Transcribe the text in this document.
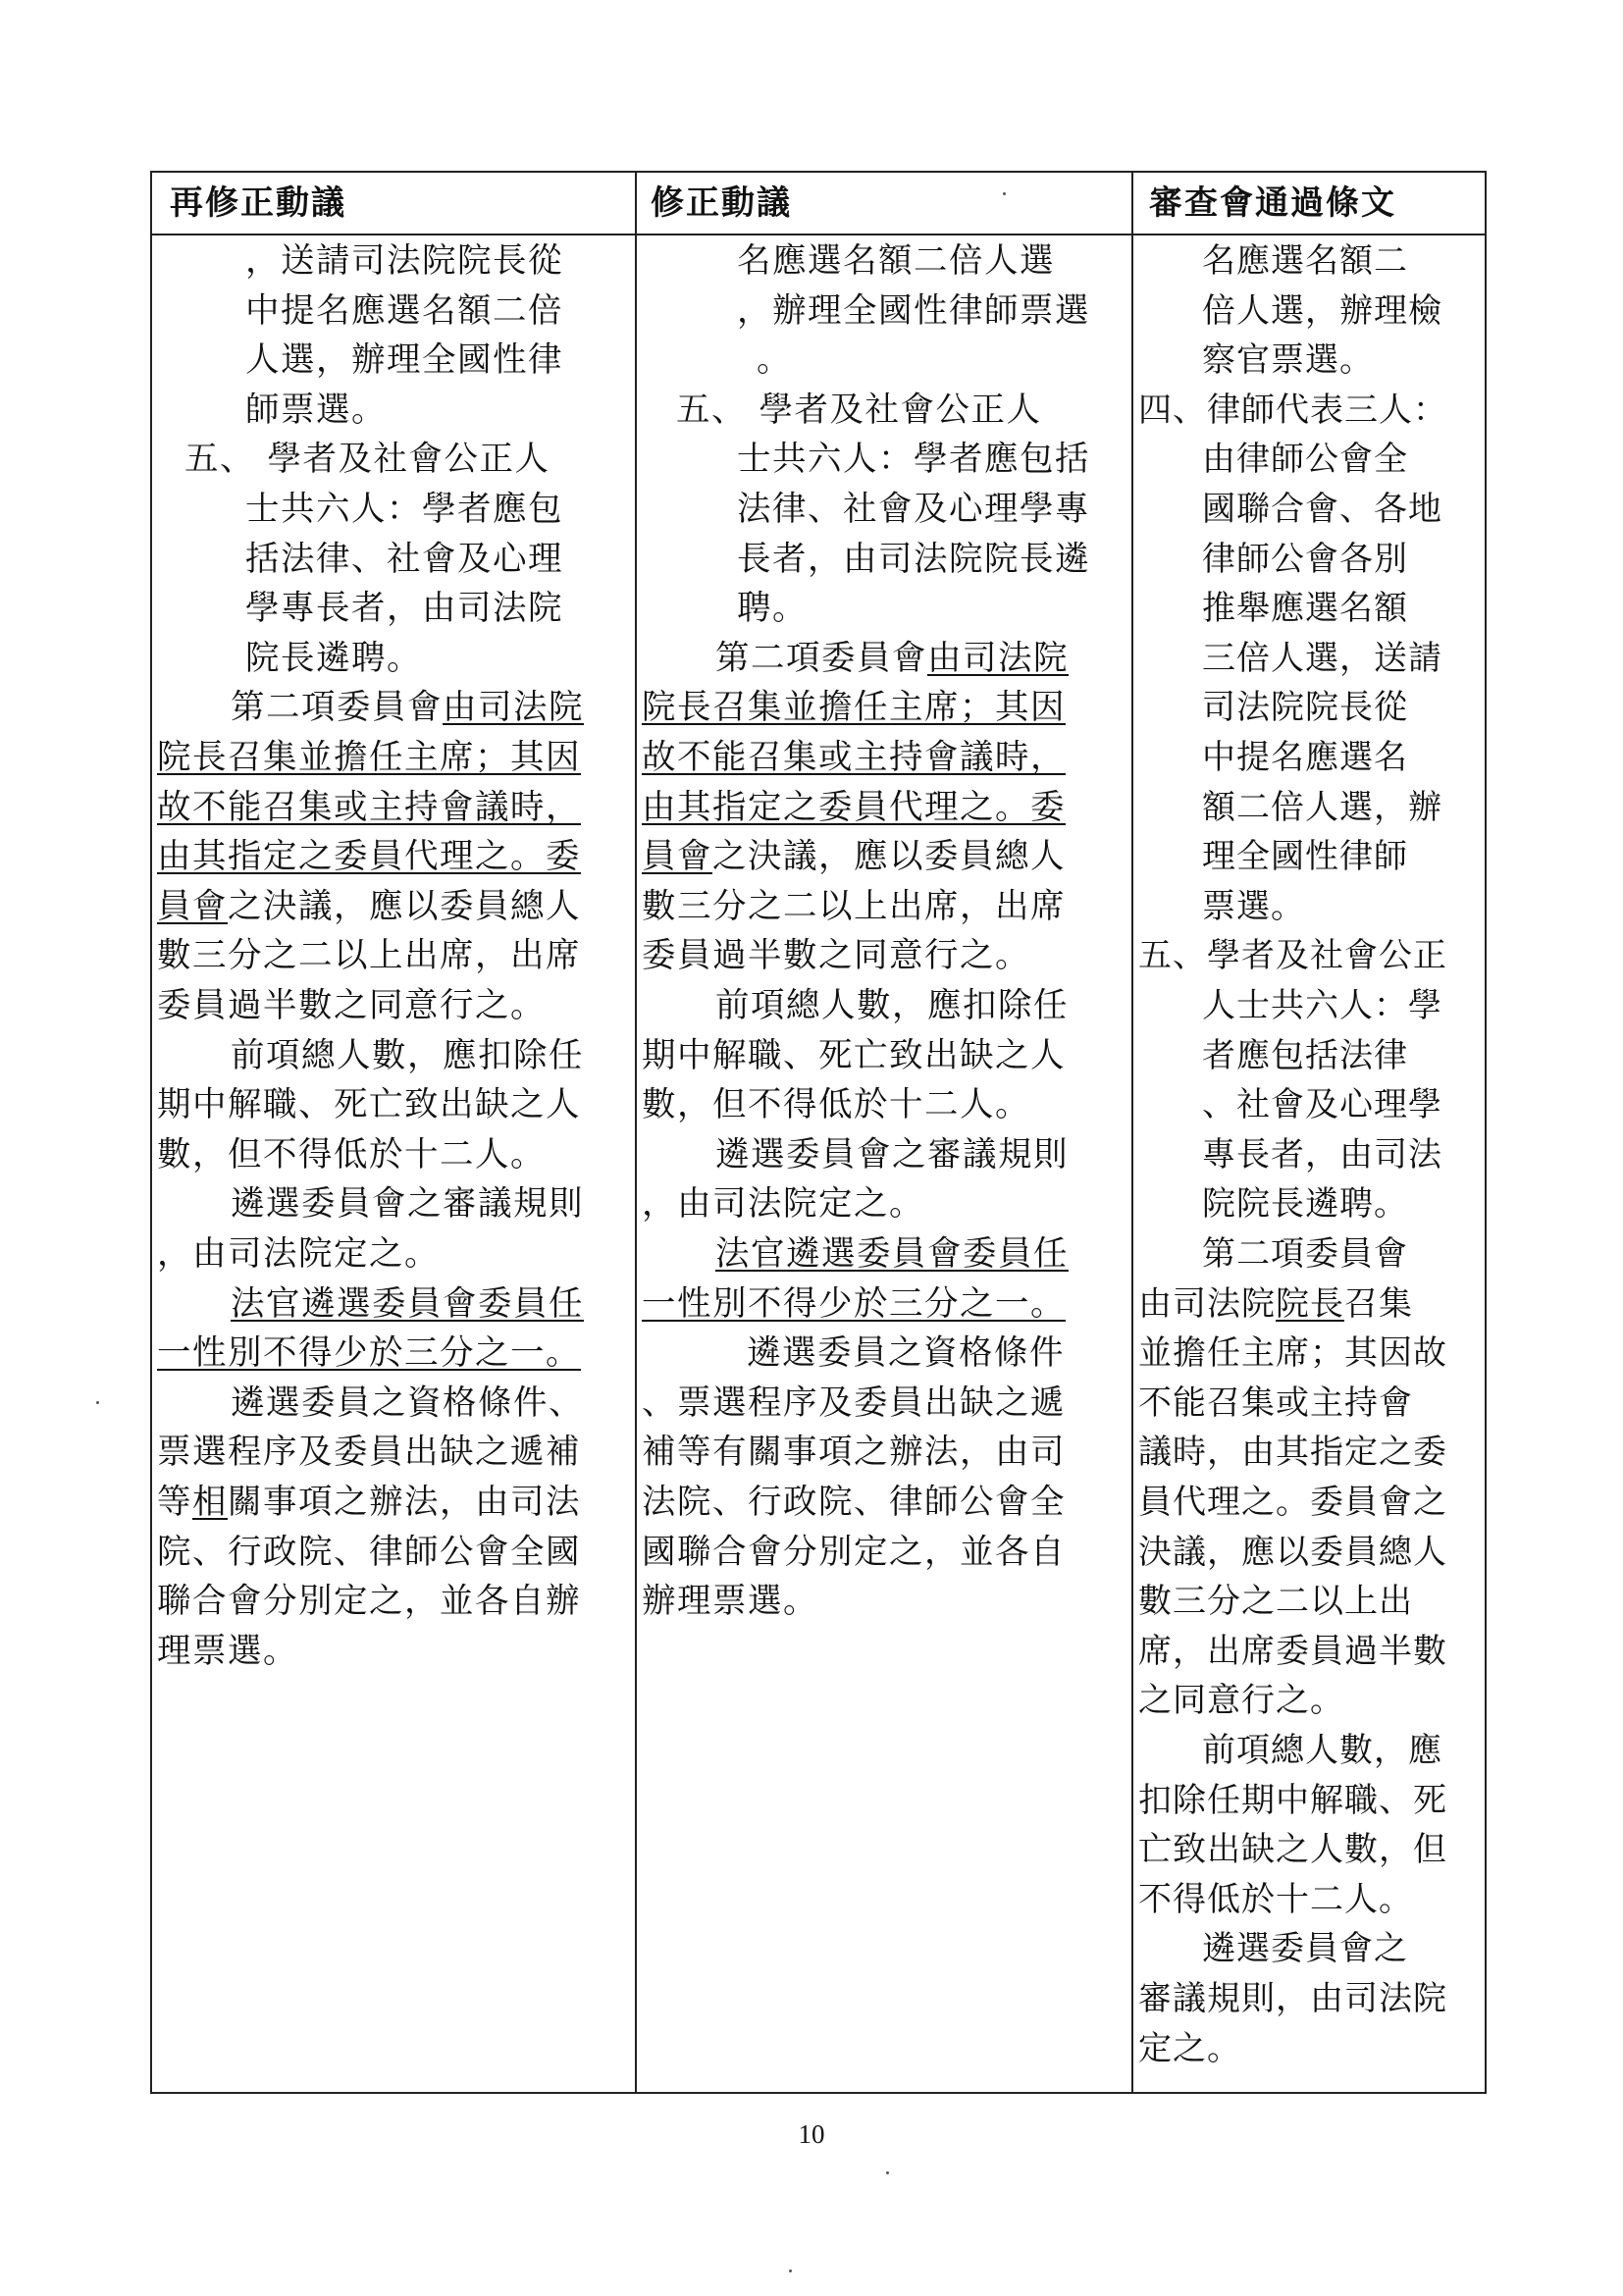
再修正動議	修正動議	審查會通過條文
，送請司法院院長從
中提名應選名額二倍
人選，辦理全國性律
師票選。
五、 學者及社會公正人
士共六人：學者應包
括法律、社會及心理
學專長者，由司法院
院長遴聘。
第二項委員會由司法院
院長召集並擔任主席；其因
故不能召集或主持會議時，
由其指定之委員代理之。委
員會之決議，應以委員總人
數三分之二以上出席，出席
委員過半數之同意行之。
前項總人數，應扣除任
期中解職、死亡致出缺之人
數，但不得低於十二人。
遴選委員會之審議規則
，由司法院定之。
法官遴選委員會委員任
一性別不得少於三分之一。
遴選委員之資格條件、
票選程序及委員出缺之遞補
等相關事項之辦法，由司法
院、行政院、律師公會全國
聯合會分別定之，並各自辦
理票選。
名應選名額二倍人選
，辦理全國性律師票選
。
五、 學者及社會公正人
士共六人：學者應包括
法律、社會及心理學專
長者，由司法院院長遴
聘。
第二項委員會由司法院
院長召集並擔任主席；其因
故不能召集或主持會議時，
由其指定之委員代理之。委
員會之決議，應以委員總人
數三分之二以上出席，出席
委員過半數之同意行之。
前項總人數，應扣除任
期中解職、死亡致出缺之人
數，但不得低於十二人。
遴選委員會之審議規則
，由司法院定之。
法官遴選委員會委員任
一性別不得少於三分之一。
遴選委員之資格條件
、票選程序及委員出缺之遞
補等有關事項之辦法，由司
法院、行政院、律師公會全
國聯合會分別定之，並各自
辦理票選。
名應選名額二
倍人選，辦理檢
察官票選。
四、律師代表三人：
由律師公會全
國聯合會、各地
律師公會各別
推舉應選名額
三倍人選，送請
司法院院長從
中提名應選名
額二倍人選，辦
理全國性律師
票選。
五、學者及社會公正
人士共六人：學
者應包括法律
、社會及心理學
專長者，由司法
院院長遴聘。
第二項委員會
由司法院院長召集
並擔任主席；其因故
不能召集或主持會
議時，由其指定之委
員代理之。委員會之
決議，應以委員總人
數三分之二以上出
席，出席委員過半數
之同意行之。
前項總人數，應
扣除任期中解職、死
亡致出缺之人數，但
不得低於十二人。
遴選委員會之
審議規則，由司法院
定之。
10
